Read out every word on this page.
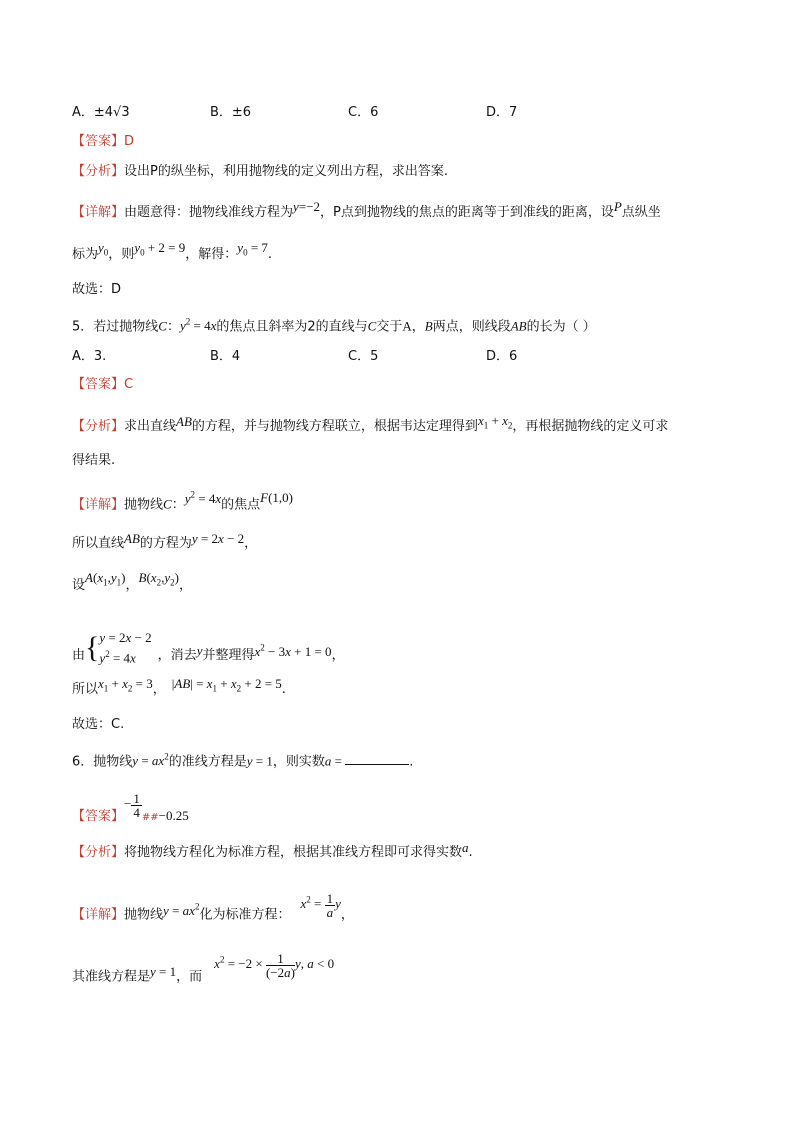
A．±4√3	B．±6	C．6	D．7
【答案】D
【分析】设出P的纵坐标，利用抛物线的定义列出方程，求出答案.
【详解】由题意得：抛物线准线方程为y=−2，P点到抛物线的焦点的距离等于到准线的距离，设P点纵坐
标为$y_0$，则$y_0 + 2 = 9$，解得：$y_0 = 7$.
故选：D
5．若过抛物线C：$y^2 = 4x$的焦点且斜率为2的直线与C交于A，B两点，则线段AB的长为（ ）
A．3.	B．4	C．5	D．6
【答案】C
【分析】求出直线AB的方程，并与抛物线方程联立，根据韦达定理得到$x_1 + x_2$，再根据抛物线的定义可求
得结果.
【详解】抛物线C：$y^2 = 4x$的焦点F(1,0)
所以直线AB的方程为y = 2x − 2，
设$A(x_1,y_1)$，$B(x_2,y_2)$，
由{ y = 2x − 2
$y^2 = 4x$	，消去y并整理得$x^2 - 3x + 1 = 0$，
所以$x_1 + x_2 = 3$， $|AB| = x_1 + x_2 + 2 = 5$.
故选：C.
6．抛物线$y = ax^2$的准线方程是y = 1，则实数a =	.
【答案】− $\frac{1}{4} _{\#\#}-0.25$
【分析】将抛物线方程化为标准方程，根据其准线方程即可求得实数a.
【详解】抛物线$y = ax^2$化为标准方程：$x^2 = \frac{1}{a}$ y，
其准线方程是y = 1，而$x^2 = -2 \times \frac{1}{(-2a)} y$, a < 0
